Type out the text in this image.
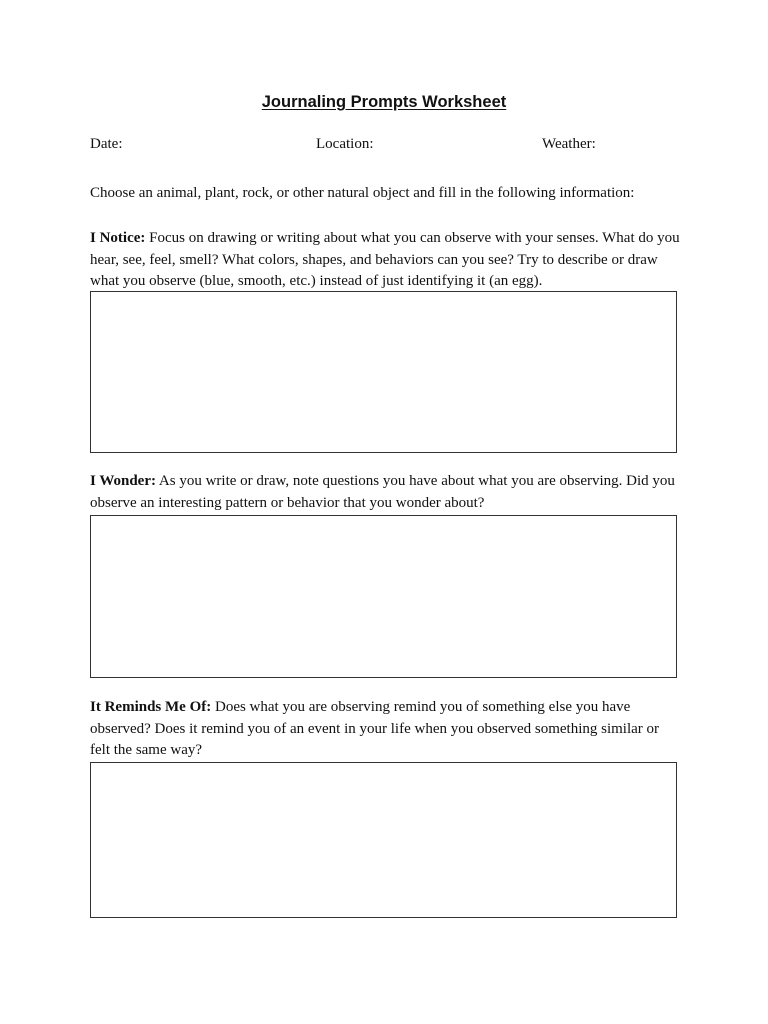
Journaling Prompts Worksheet
Date:	Location:	Weather:

Choose an animal, plant, rock, or other natural object and fill in the following information:

I Notice: Focus on drawing or writing about what you can observe with your senses. What do you hear, see, feel, smell? What colors, shapes, and behaviors can you see? Try to describe or draw what you observe (blue, smooth, etc.) instead of just identifying it (an egg).

I Wonder: As you write or draw, note questions you have about what you are observing. Did you observe an interesting pattern or behavior that you wonder about?

It Reminds Me Of: Does what you are observing remind you of something else you have observed? Does it remind you of an event in your life when you observed something similar or felt the same way?
